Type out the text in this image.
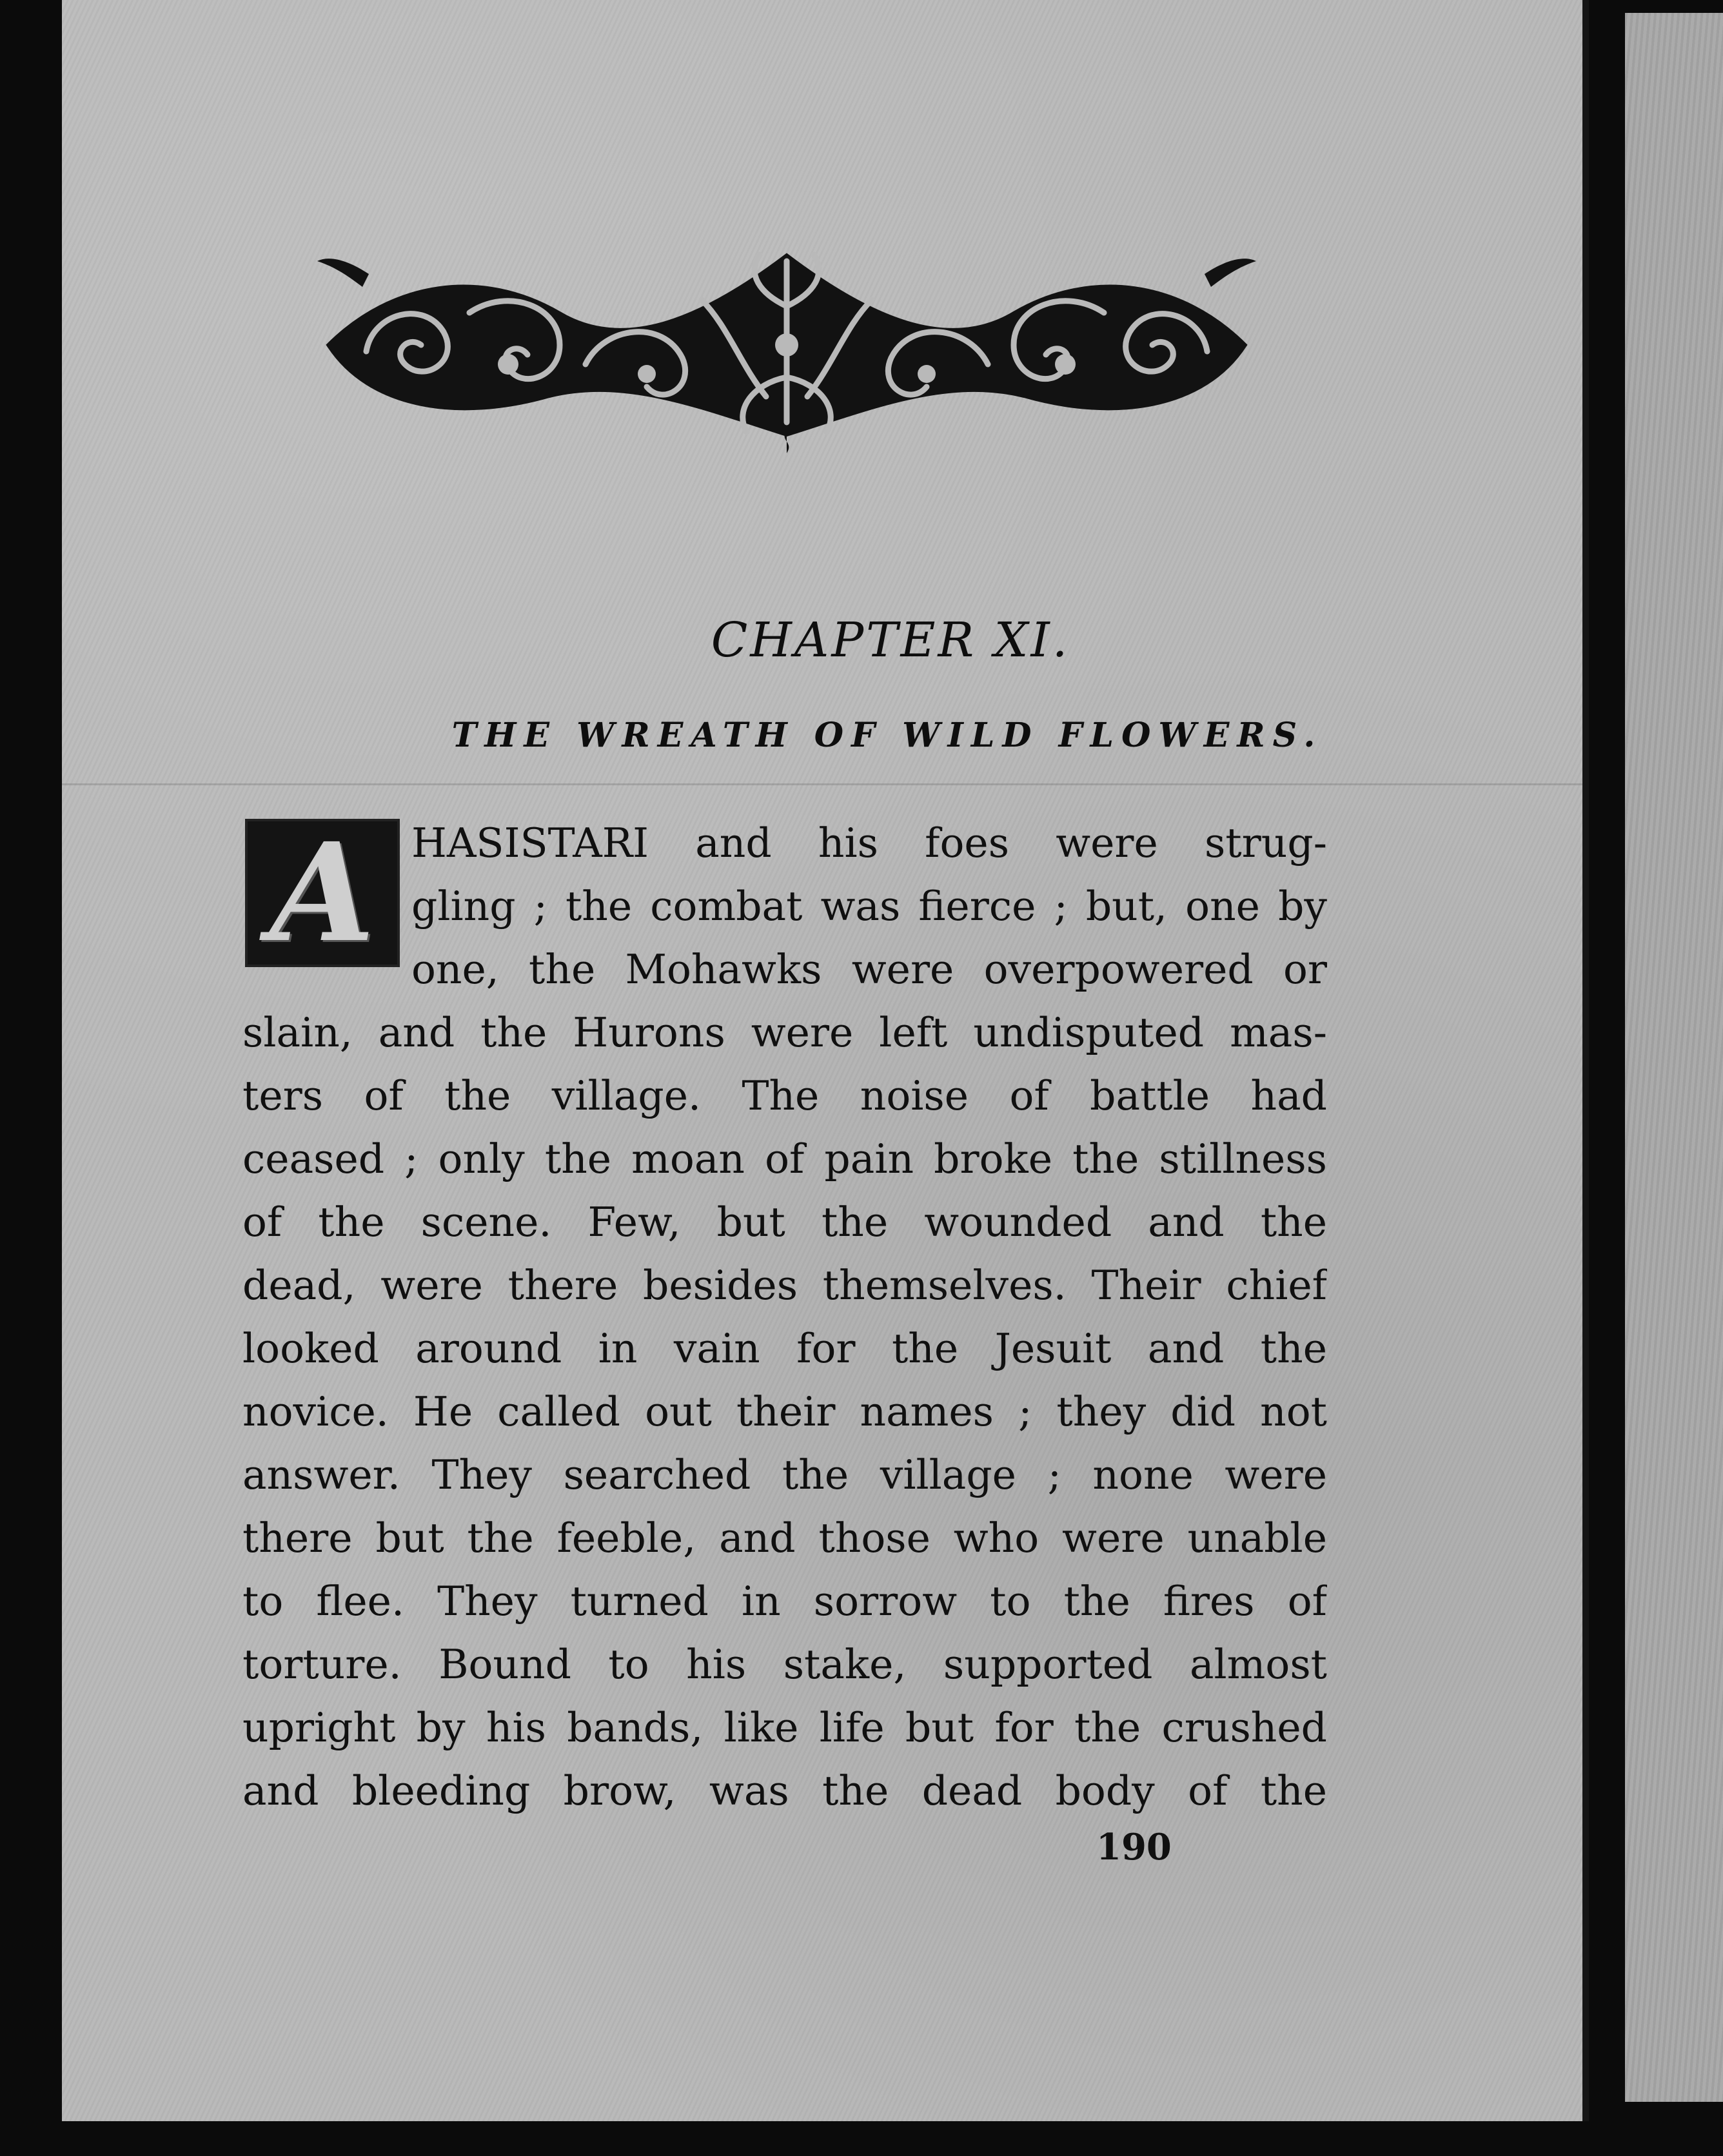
CHAPTER XI.
THE WREATH OF WILD FLOWERS.
A HASISTARI and his foes were strug-

gling ; the combat was fierce ; but, one by

one, the Mohawks were overpowered or

slain, and the Hurons were left undisputed mas-

ters of the village. The noise of battle had

ceased ; only the moan of pain broke the stillness

of the scene. Few, but the wounded and the

dead, were there besides themselves. Their chief

looked around in vain for the Jesuit and the

novice. He called out their names ; they did not

answer. They searched the village ; none were

there but the feeble, and those who were unable

to flee. They turned in sorrow to the fires of

torture. Bound to his stake, supported almost

upright by his bands, like life but for the crushed

and bleeding brow, was the dead body of the

190
